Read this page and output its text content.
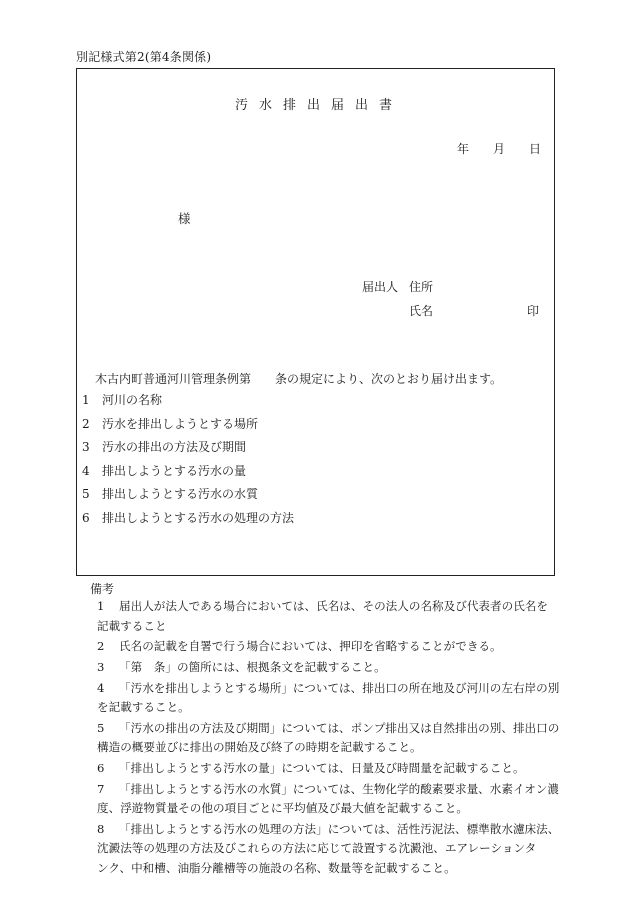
別記様式第2(第4条関係)
汚水排出届出書
年 月 日
様
届出人 住所
氏名	印
木古内町普通河川管理条例第　　条の規定により、次のとおり届け出ます。
1 河川の名称
2 汚水を排出しようとする場所
3 汚水の排出の方法及び期間
4 排出しようとする汚水の量
5 排出しようとする汚水の水質
6 排出しようとする汚水の処理の方法
備考
1	届出人が法人である場合においては、氏名は、その法人の名称及び代表者の氏名を
記載すること
2	氏名の記載を自署で行う場合においては、押印を省略することができる。
3	「第　条」の箇所には、根拠条文を記載すること。
4	「汚水を排出しようとする場所」については、排出口の所在地及び河川の左右岸の別
を記載すること。
5	「汚水の排出の方法及び期間」については、ポンプ排出又は自然排出の別、排出口の
構造の概要並びに排出の開始及び終了の時期を記載すること。
6	「排出しようとする汚水の量」については、日量及び時間量を記載すること。
7	「排出しようとする汚水の水質」については、生物化学的酸素要求量、水素イオン濃
度、浮遊物質量その他の項目ごとに平均値及び最大値を記載すること。
8	「排出しようとする汚水の処理の方法」については、活性汚泥法、標準散水濾床法、
沈澱法等の処理の方法及びこれらの方法に応じて設置する沈澱池、エアレーションタ
ンク、中和槽、油脂分離槽等の施設の名称、数量等を記載すること。
